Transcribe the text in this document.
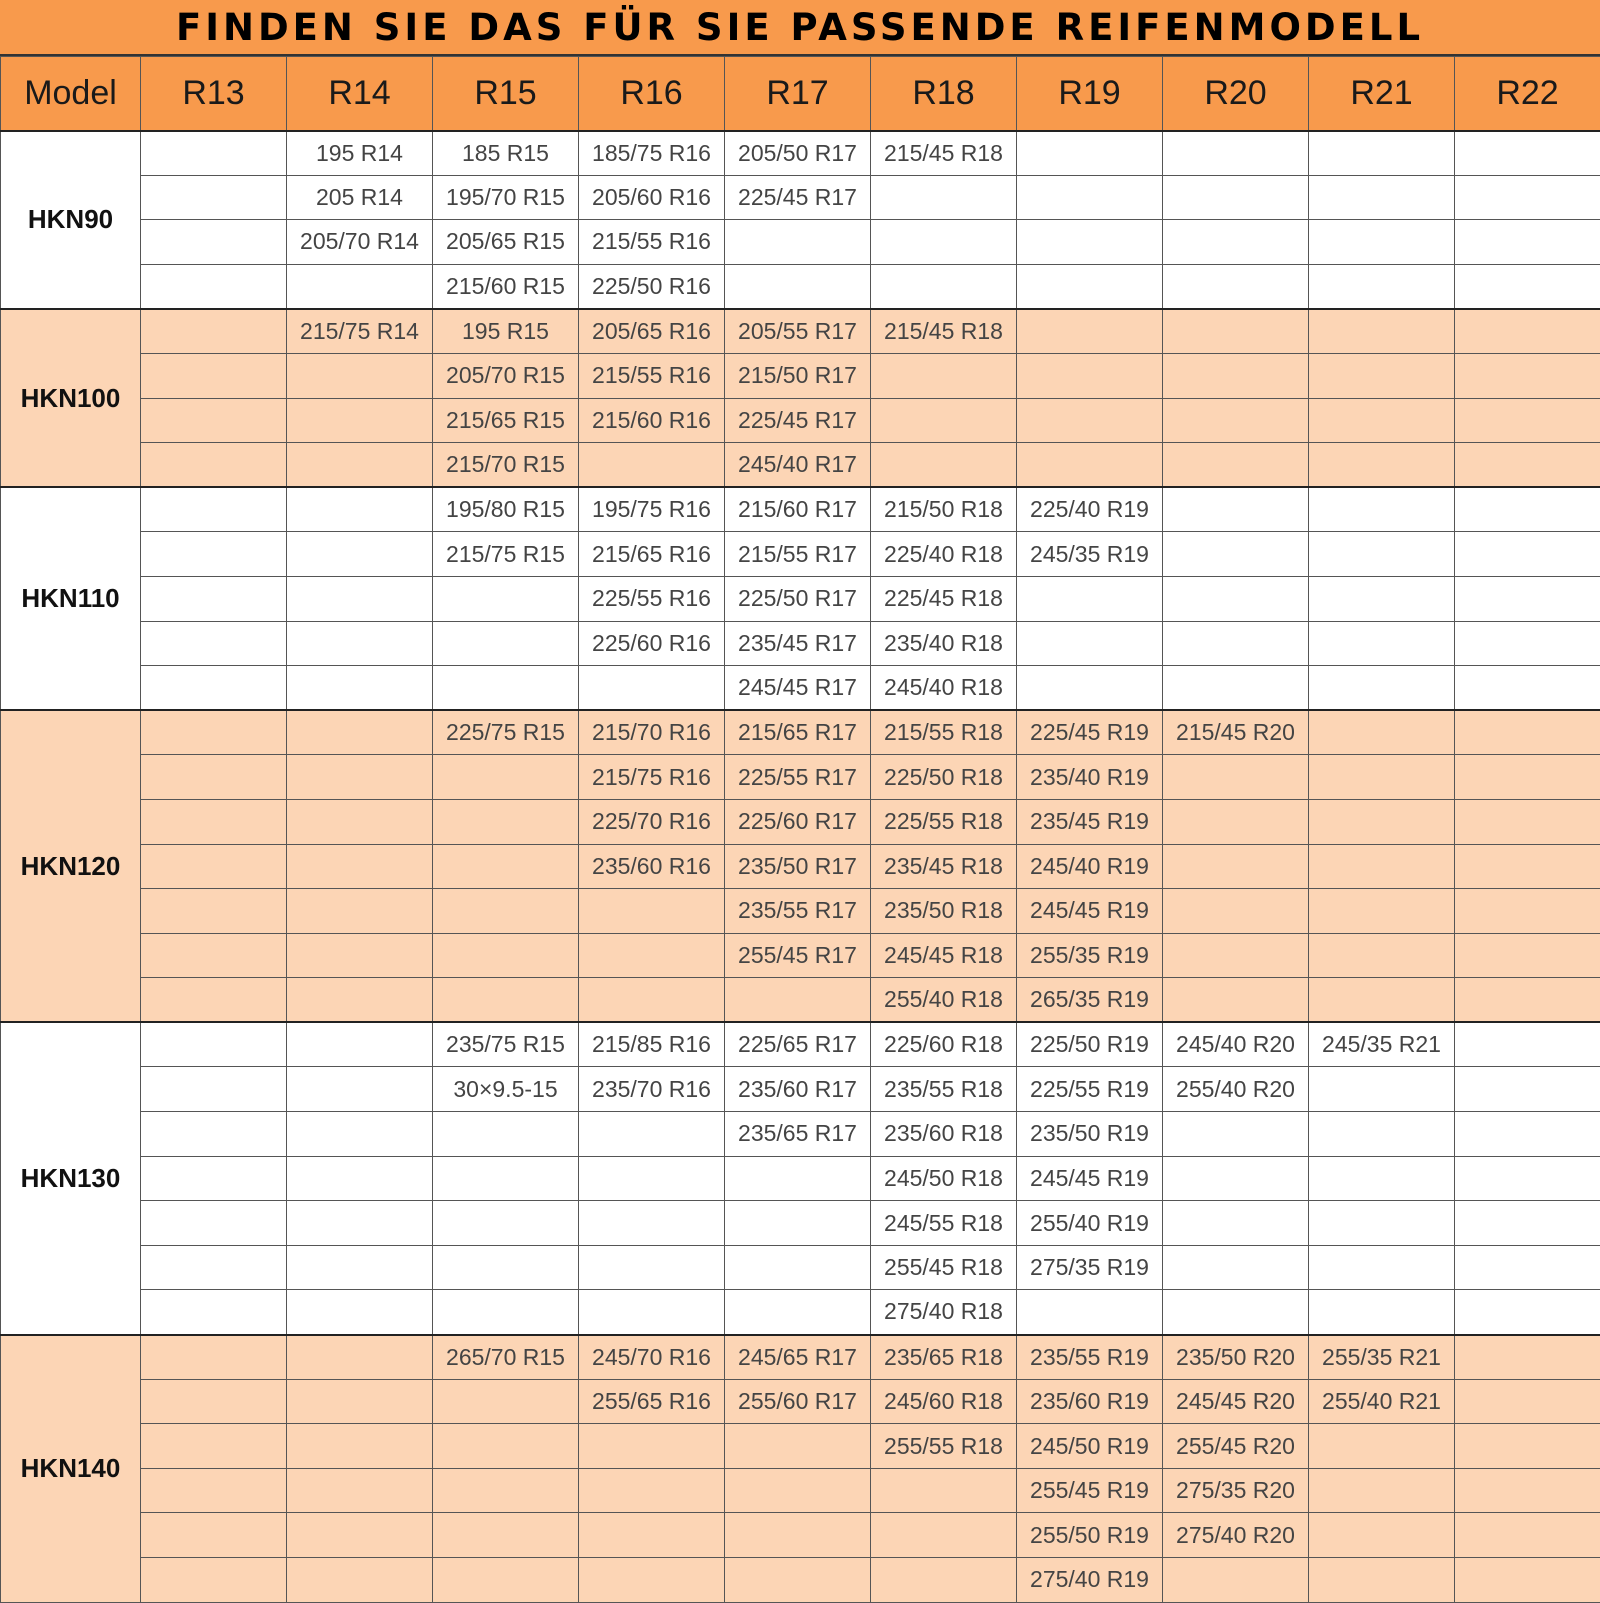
FINDEN SIE DAS FÜR SIE PASSENDE REIFENMODELL
Model	R13	R14	R15	R16	R17	R18	R19	R20	R21	R22
HKN90		195 R14	185 R15	185/75 R16	205/50 R17	215/45 R18				
		205 R14	195/70 R15	205/60 R16	225/45 R17					
		205/70 R14	205/65 R15	215/55 R16						
			215/60 R15	225/50 R16						
HKN100		215/75 R14	195 R15	205/65 R16	205/55 R17	215/45 R18				
			205/70 R15	215/55 R16	215/50 R17					
			215/65 R15	215/60 R16	225/45 R17					
			215/70 R15		245/40 R17					
HKN110			195/80 R15	195/75 R16	215/60 R17	215/50 R18	225/40 R19			
			215/75 R15	215/65 R16	215/55 R17	225/40 R18	245/35 R19			
				225/55 R16	225/50 R17	225/45 R18				
				225/60 R16	235/45 R17	235/40 R18				
					245/45 R17	245/40 R18				
HKN120			225/75 R15	215/70 R16	215/65 R17	215/55 R18	225/45 R19	215/45 R20		
				215/75 R16	225/55 R17	225/50 R18	235/40 R19			
				225/70 R16	225/60 R17	225/55 R18	235/45 R19			
				235/60 R16	235/50 R17	235/45 R18	245/40 R19			
					235/55 R17	235/50 R18	245/45 R19			
					255/45 R17	245/45 R18	255/35 R19			
						255/40 R18	265/35 R19			
HKN130			235/75 R15	215/85 R16	225/65 R17	225/60 R18	225/50 R19	245/40 R20	245/35 R21	
			30×9.5-15	235/70 R16	235/60 R17	235/55 R18	225/55 R19	255/40 R20		
					235/65 R17	235/60 R18	235/50 R19			
						245/50 R18	245/45 R19			
						245/55 R18	255/40 R19			
						255/45 R18	275/35 R19			
						275/40 R18				
HKN140			265/70 R15	245/70 R16	245/65 R17	235/65 R18	235/55 R19	235/50 R20	255/35 R21	
				255/65 R16	255/60 R17	245/60 R18	235/60 R19	245/45 R20	255/40 R21	
						255/55 R18	245/50 R19	255/45 R20		
							255/45 R19	275/35 R20		
							255/50 R19	275/40 R20		
							275/40 R19			
